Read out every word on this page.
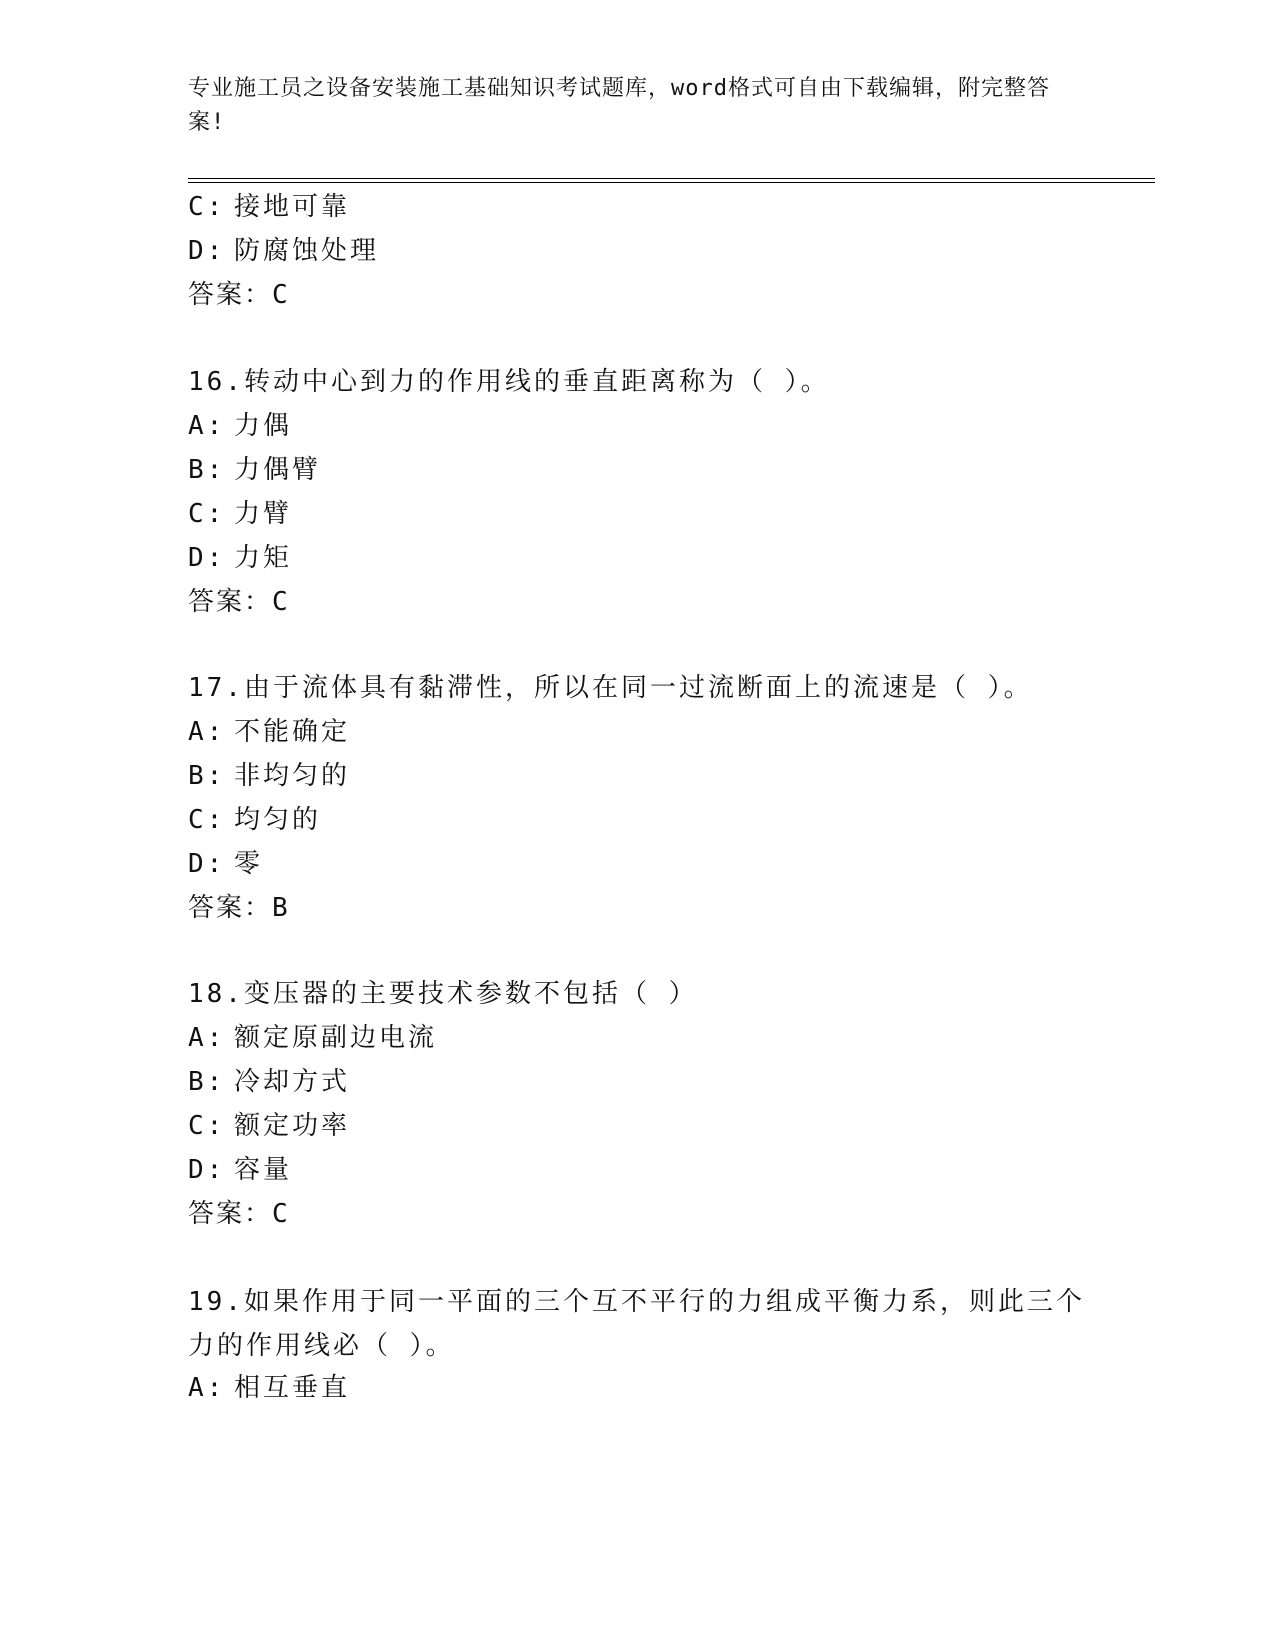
专业施工员之设备安装施工基础知识考试题库，word格式可自由下载编辑，附完整答案!
C: 接地可靠
D: 防腐蚀处理
答案：C
16.转动中心到力的作用线的垂直距离称为（ ）。
A: 力偶
B: 力偶臂
C: 力臂
D: 力矩
答案：C
17.由于流体具有黏滞性，所以在同一过流断面上的流速是（ ）。
A: 不能确定
B: 非均匀的
C: 均匀的
D: 零
答案：B
18.变压器的主要技术参数不包括（ ）
A: 额定原副边电流
B: 冷却方式
C: 额定功率
D: 容量
答案：C
19.如果作用于同一平面的三个互不平行的力组成平衡力系，则此三个力的作用线必（ ）。
A: 相互垂直
